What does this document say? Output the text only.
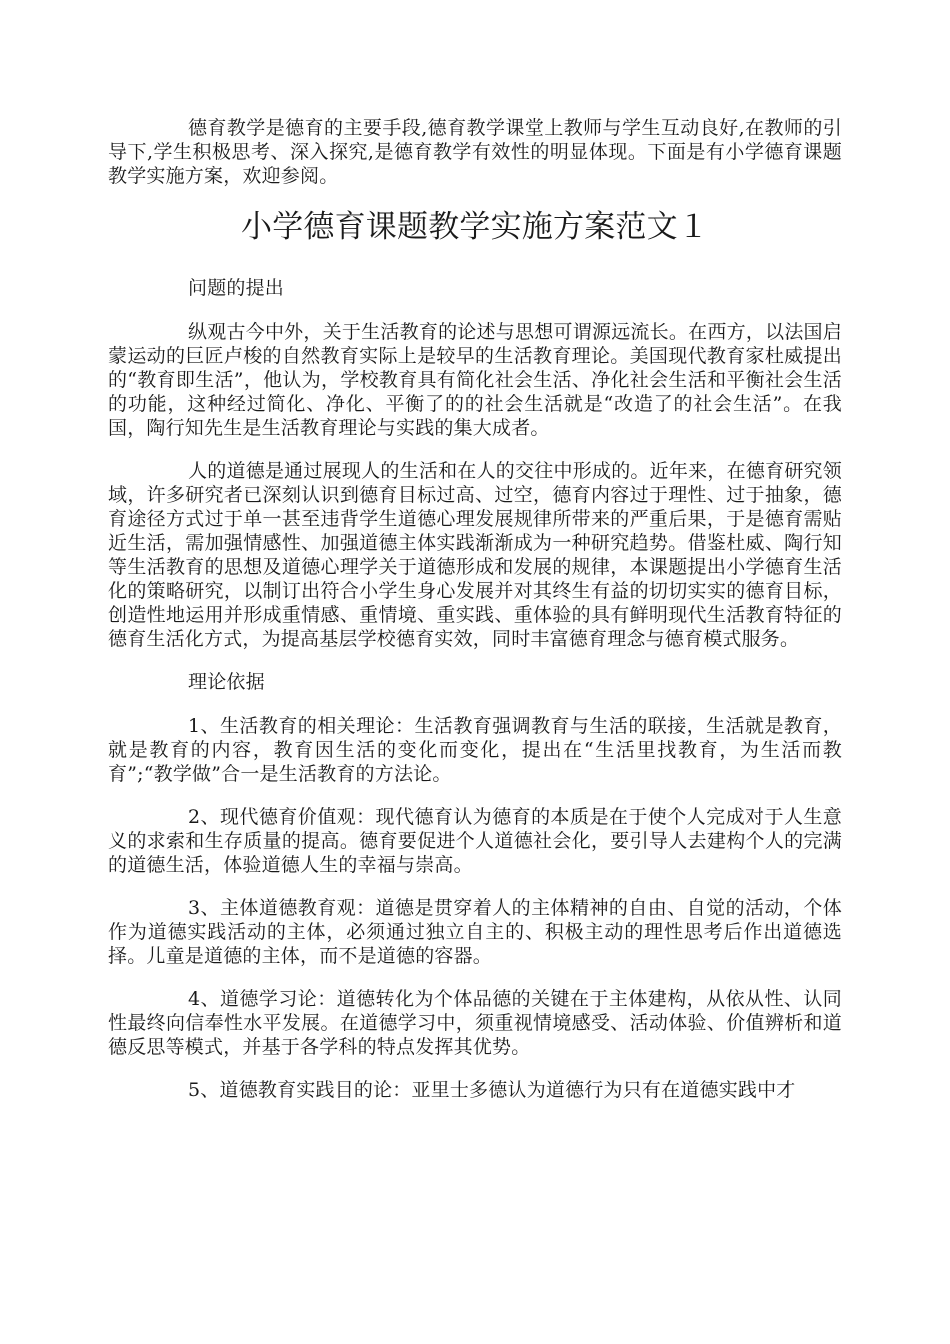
德育教学是德育的主要手段,德育教学课堂上教师与学生互动良好,在教师的引导下,学生积极思考、深入探究,是德育教学有效性的明显体现。下面是有小学德育课题教学实施方案，欢迎参阅。

小学德育课题教学实施方案范文１

问题的提出

纵观古今中外，关于生活教育的论述与思想可谓源远流长。在西方，以法国启蒙运动的巨匠卢梭的自然教育实际上是较早的生活教育理论。美国现代教育家杜威提出的“教育即生活”，他认为，学校教育具有简化社会生活、净化社会生活和平衡社会生活的功能，这种经过简化、净化、平衡了的的社会生活就是“改造了的社会生活”。在我国，陶行知先生是生活教育理论与实践的集大成者。

人的道德是通过展现人的生活和在人的交往中形成的。近年来，在德育研究领域，许多研究者已深刻认识到德育目标过高、过空，德育内容过于理性、过于抽象，德育途径方式过于单一甚至违背学生道德心理发展规律所带来的严重后果，于是德育需贴近生活，需加强情感性、加强道德主体实践渐渐成为一种研究趋势。借鉴杜威、陶行知等生活教育的思想及道德心理学关于道德形成和发展的规律，本课题提出小学德育生活化的策略研究，以制订出符合小学生身心发展并对其终生有益的切切实实的德育目标，创造性地运用并形成重情感、重情境、重实践、重体验的具有鲜明现代生活教育特征的德育生活化方式，为提高基层学校德育实效，同时丰富德育理念与德育模式服务。

理论依据

1、生活教育的相关理论：生活教育强调教育与生活的联接，生活就是教育，就是教育的内容，教育因生活的变化而变化，提出在“生活里找教育，为生活而教育”;“教学做”合一是生活教育的方法论。

2、现代德育价值观：现代德育认为德育的本质是在于使个人完成对于人生意义的求索和生存质量的提高。德育要促进个人道德社会化，要引导人去建构个人的完满的道德生活，体验道德人生的幸福与崇高。

3、主体道德教育观：道德是贯穿着人的主体精神的自由、自觉的活动，个体作为道德实践活动的主体，必须通过独立自主的、积极主动的理性思考后作出道德选择。儿童是道德的主体，而不是道德的容器。

4、道德学习论：道德转化为个体品德的关键在于主体建构，从依从性、认同性最终向信奉性水平发展。在道德学习中，须重视情境感受、活动体验、价值辨析和道德反思等模式，并基于各学科的特点发挥其优势。

5、道德教育实践目的论：亚里士多德认为道德行为只有在道德实践中才
